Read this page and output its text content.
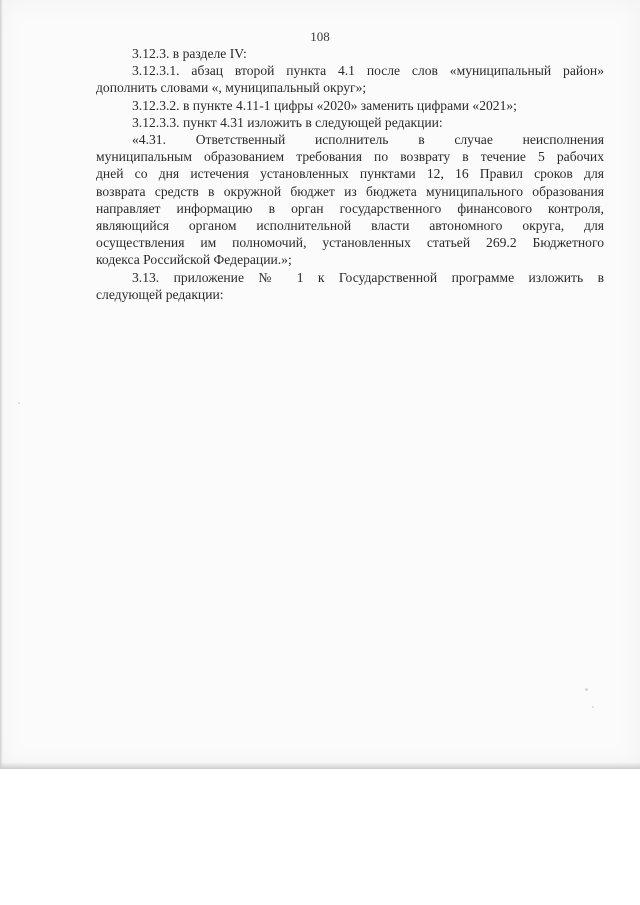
108
3.12.3. в разделе IV:
3.12.3.1. абзац второй пункта 4.1 после слов «муниципальный район»
дополнить словами «, муниципальный округ»;
3.12.3.2. в пункте 4.11-1 цифры «2020» заменить цифрами «2021»;
3.12.3.3. пункт 4.31 изложить в следующей редакции:
«4.31. Ответственный исполнитель в случае неисполнения
муниципальным образованием требования по возврату в течение 5 рабочих
дней со дня истечения установленных пунктами 12, 16 Правил сроков для
возврата средств в окружной бюджет из бюджета муниципального образования
направляет информацию в орган государственного финансового контроля,
являющийся органом исполнительной власти автономного округа, для
осуществления им полномочий, установленных статьей 269.2 Бюджетного
кодекса Российской Федерации.»;
3.13. приложение № 1 к Государственной программе изложить в
следующей редакции:
